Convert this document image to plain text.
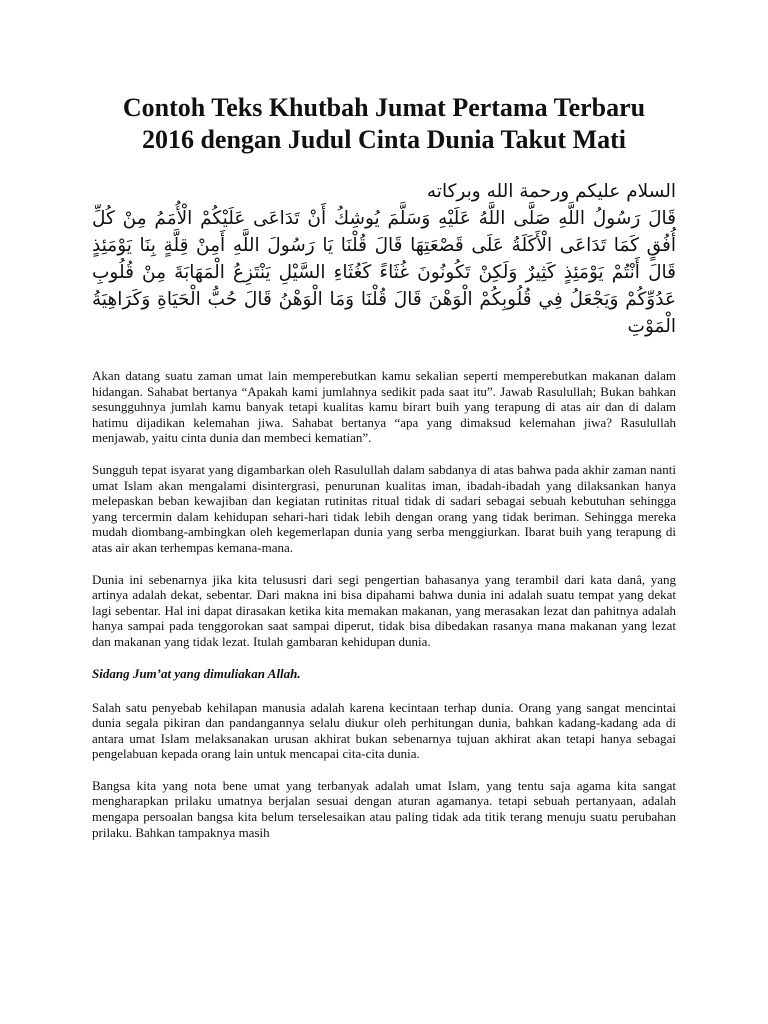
Contoh Teks Khutbah Jumat Pertama Terbaru 2016 dengan Judul Cinta Dunia Takut Mati
السلام عليكم ورحمة الله وبركاته
قَالَ رَسُولُ اللَّهِ صَلَّى اللَّهُ عَلَيْهِ وَسَلَّمَ يُوشِكُ أَنْ تَدَاعَى عَلَيْكُمْ الْأُمَمُ مِنْ كُلِّ أُفُقٍ كَمَا تَدَاعَى الْأَكَلَةُ عَلَى قَصْعَتِهَا قَالَ قُلْنَا يَا رَسُولَ اللَّهِ أَمِنْ قِلَّةٍ بِنَا يَوْمَئِذٍ قَالَ أَنْتُمْ يَوْمَئِذٍ كَثِيرٌ وَلَكِنْ تَكُونُونَ غُثَاءً كَغُثَاءِ السَّيْلِ يَنْتَزِعُ الْمَهَابَةَ مِنْ قُلُوبِ عَدُوِّكُمْ وَيَجْعَلُ فِي قُلُوبِكُمْ الْوَهْنَ قَالَ قُلْنَا وَمَا الْوَهْنُ قَالَ حُبُّ الْحَيَاةِ وَكَرَاهِيَةُ الْمَوْتِ

Akan datang suatu zaman umat lain memperebutkan kamu sekalian seperti memperebutkan makanan dalam hidangan. Sahabat bertanya “Apakah kami jumlahnya sedikit pada saat itu”. Jawab Rasulullah; Bukan bahkan sesungguhnya jumlah kamu banyak tetapi kualitas kamu birart buih yang terapung di atas air dan di dalam hatimu dijadikan kelemahan jiwa. Sahabat bertanya “apa yang dimaksud kelemahan jiwa? Rasulullah menjawab, yaitu cinta dunia dan membeci kematian”.

Sungguh tepat isyarat yang digambarkan oleh Rasulullah dalam sabdanya di atas bahwa pada akhir zaman nanti umat Islam akan mengalami disintergrasi, penurunan kualitas iman, ibadah-ibadah yang dilaksankan hanya melepaskan beban kewajiban dan kegiatan rutinitas ritual tidak di sadari sebagai sebuah kebutuhan sehingga yang tercermin dalam kehidupan sehari-hari tidak lebih dengan orang yang tidak beriman. Sehingga mereka mudah diombang-ambingkan oleh kegemerlapan dunia yang serba menggiurkan. Ibarat buih yang terapung di atas air akan terhempas kemana-mana.

Dunia ini sebenarnya jika kita telususri dari segi pengertian bahasanya yang terambil dari kata danâ, yang artinya adalah dekat, sebentar. Dari makna ini bisa dipahami bahwa dunia ini adalah suatu tempat yang dekat lagi sebentar. Hal ini dapat dirasakan ketika kita memakan makanan, yang merasakan lezat dan pahitnya adalah hanya sampai pada tenggorokan saat sampai diperut, tidak bisa dibedakan rasanya mana makanan yang lezat dan makanan yang tidak lezat. Itulah gambaran kehidupan dunia.

Sidang Jum’at yang dimuliakan Allah.

Salah satu penyebab kehilapan manusia adalah karena kecintaan terhap dunia. Orang yang sangat mencintai dunia segala pikiran dan pandangannya selalu diukur oleh perhitungan dunia, bahkan kadang-kadang ada di antara umat Islam melaksanakan urusan akhirat bukan sebenarnya tujuan akhirat akan tetapi hanya sebagai pengelabuan kepada orang lain untuk mencapai cita-cita dunia.

Bangsa kita yang nota bene umat yang terbanyak adalah umat Islam, yang tentu saja agama kita sangat mengharapkan prilaku umatnya berjalan sesuai dengan aturan agamanya. tetapi sebuah pertanyaan, adalah mengapa persoalan bangsa kita belum terselesaikan atau paling tidak ada titik terang menuju suatu perubahan prilaku. Bahkan tampaknya masih
